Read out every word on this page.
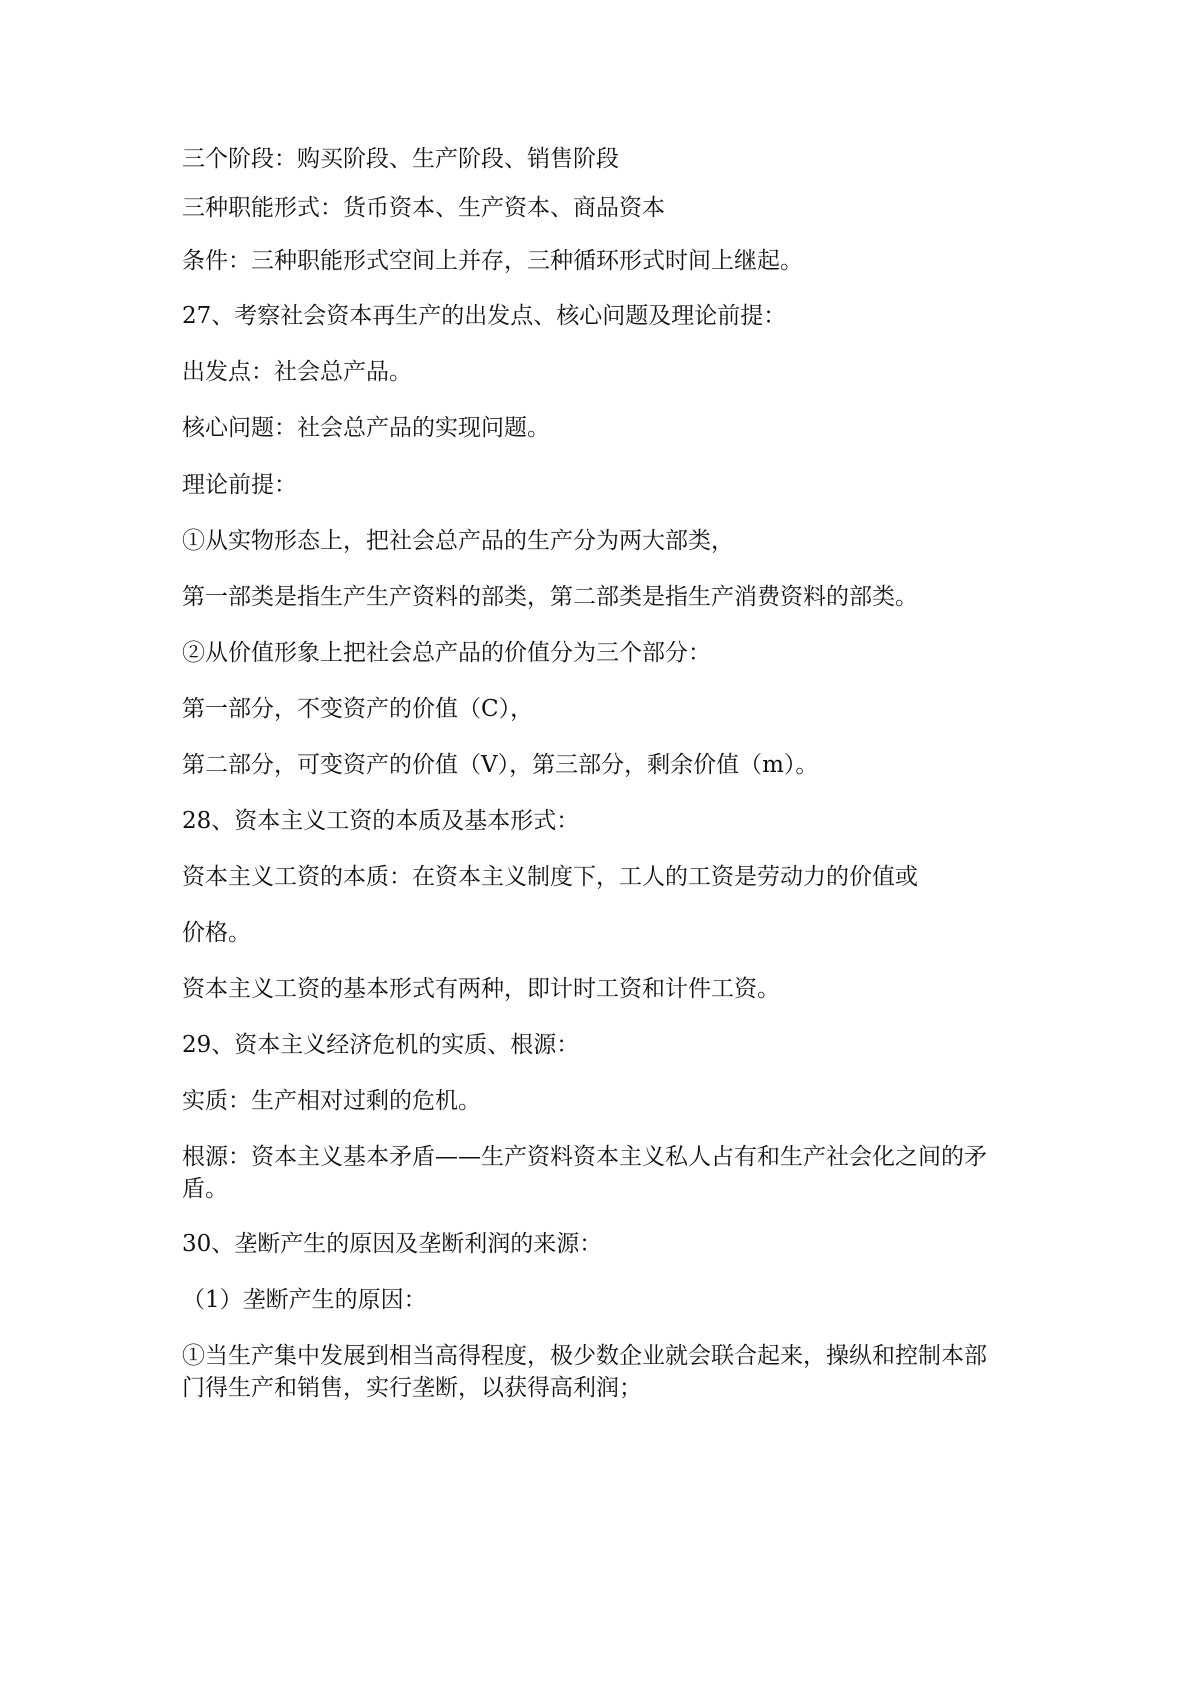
三个阶段：购买阶段、生产阶段、销售阶段
三种职能形式：货币资本、生产资本、商品资本
条件：三种职能形式空间上并存，三种循环形式时间上继起。
27、考察社会资本再生产的出发点、核心问题及理论前提：
出发点：社会总产品。
核心问题：社会总产品的实现问题。
理论前提：
①从实物形态上，把社会总产品的生产分为两大部类，
第一部类是指生产生产资料的部类，第二部类是指生产消费资料的部类。
②从价值形象上把社会总产品的价值分为三个部分：
第一部分，不变资产的价值（C），
第二部分，可变资产的价值（V），第三部分，剩余价值（m）。
28、资本主义工资的本质及基本形式：
资本主义工资的本质：在资本主义制度下，工人的工资是劳动力的价值或
价格。
资本主义工资的基本形式有两种，即计时工资和计件工资。
29、资本主义经济危机的实质、根源：
实质：生产相对过剩的危机。
根源：资本主义基本矛盾——生产资料资本主义私人占有和生产社会化之间的矛
盾。
30、垄断产生的原因及垄断利润的来源：
（1）垄断产生的原因：
①当生产集中发展到相当高得程度，极少数企业就会联合起来，操纵和控制本部
门得生产和销售，实行垄断，以获得高利润；
